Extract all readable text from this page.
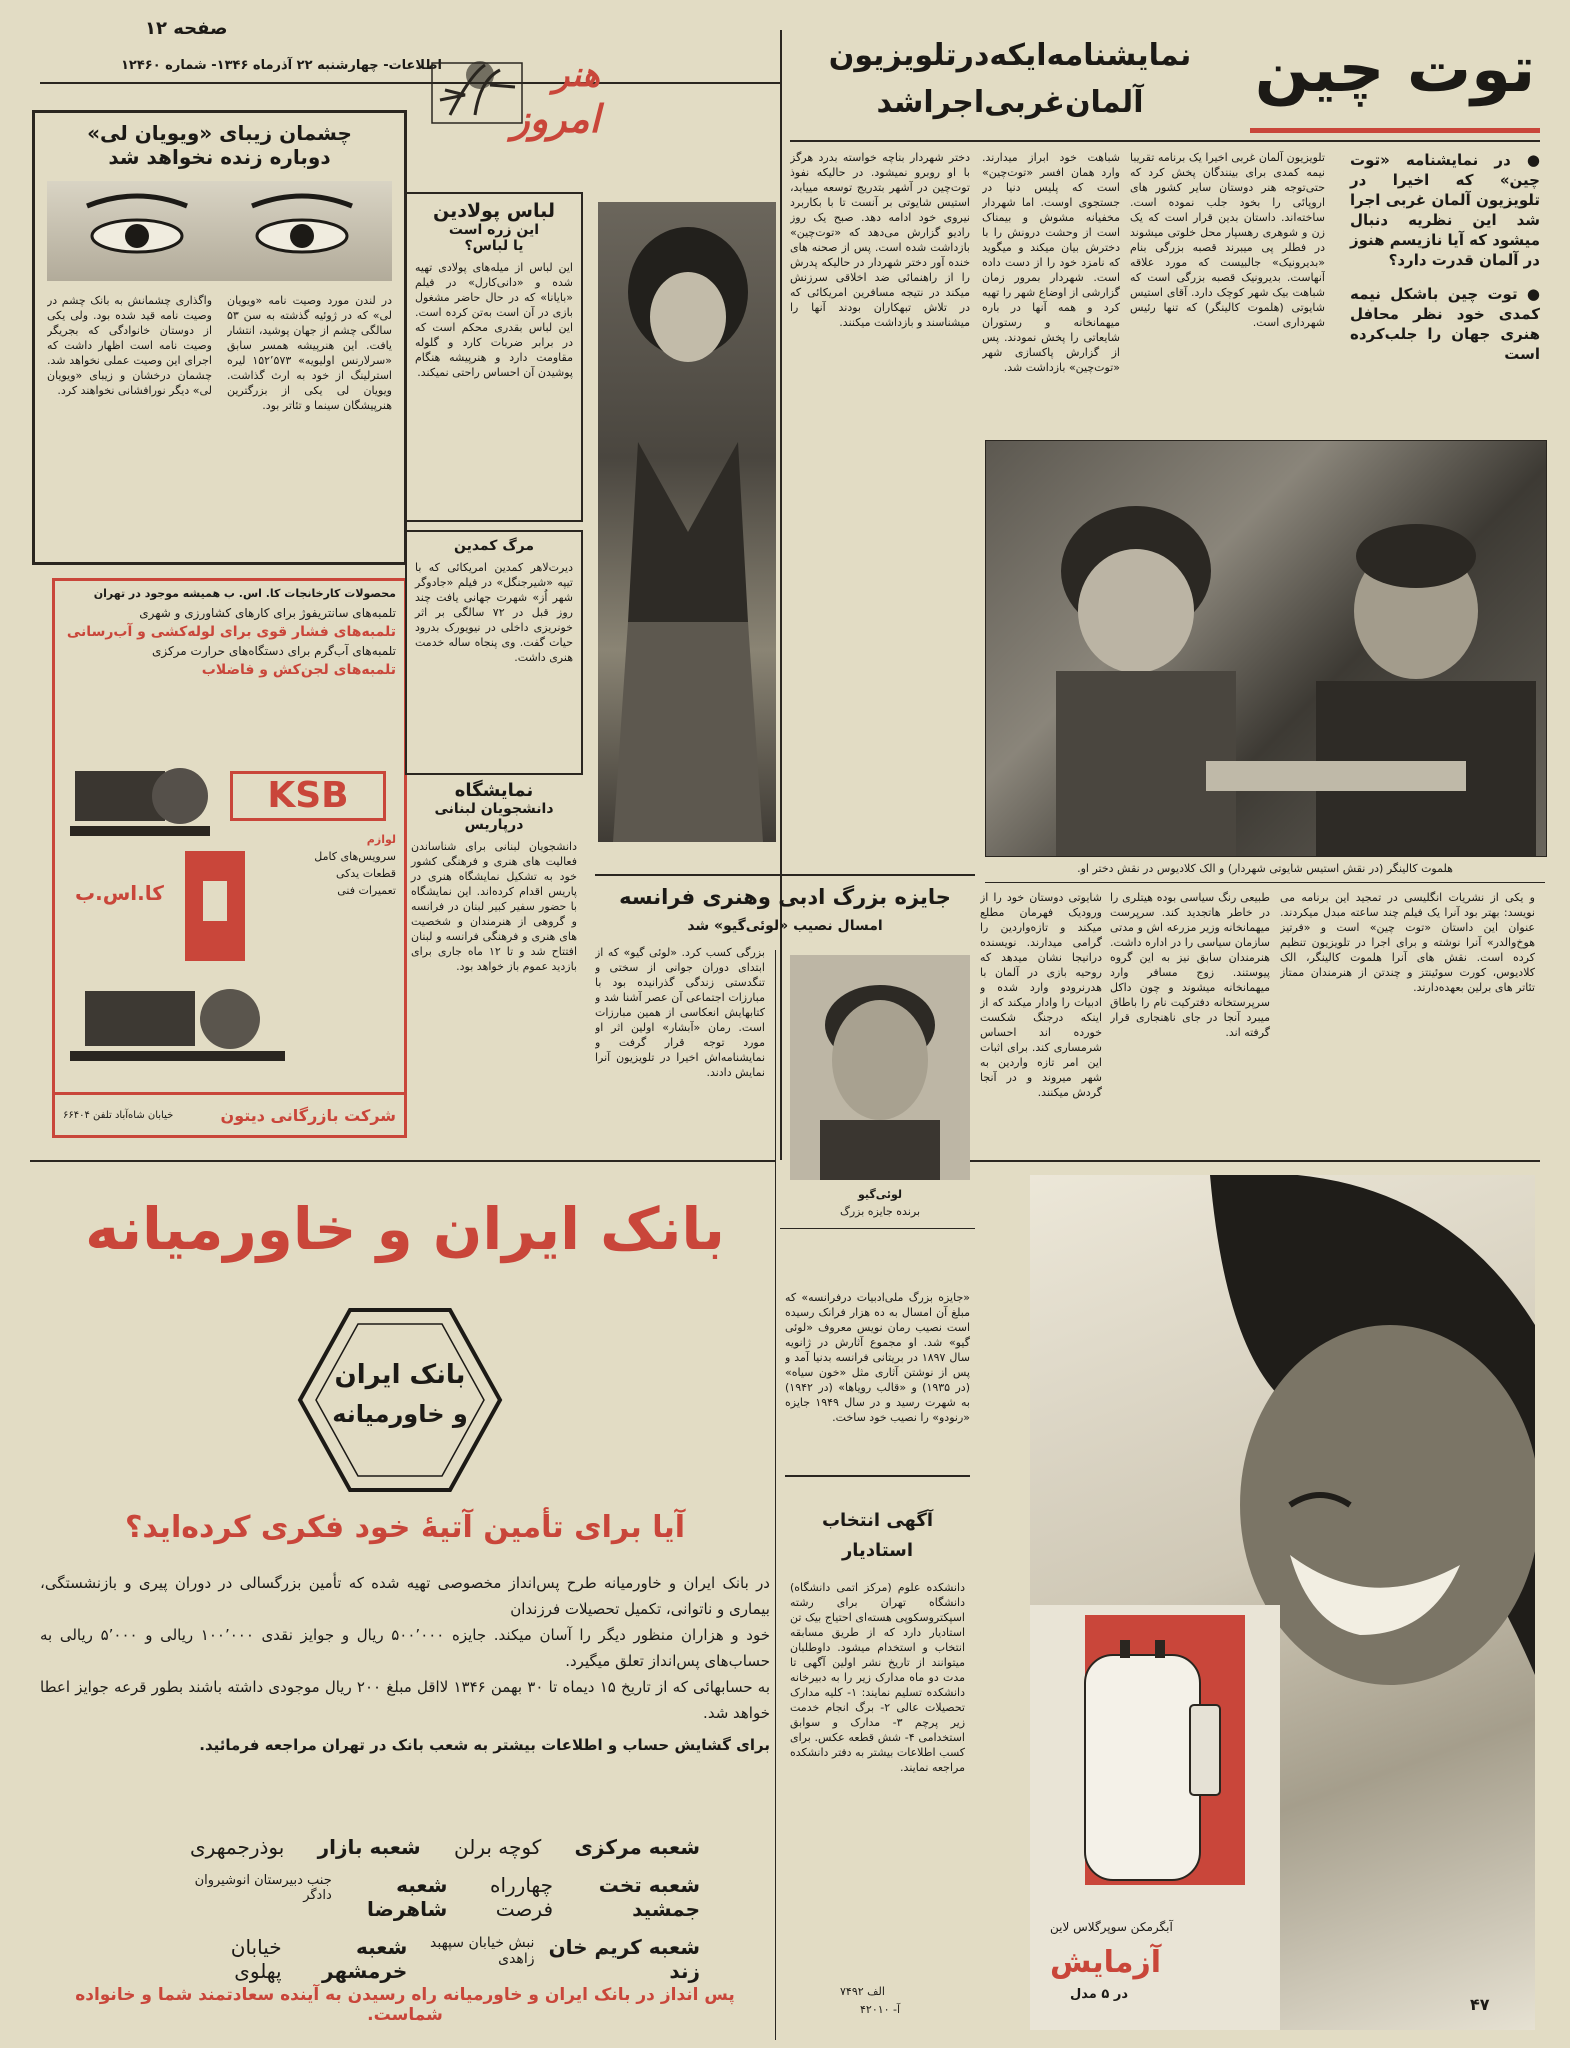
صفحه ۱۲
اطلاعات- چهارشنبه ۲۲ آذرماه ۱۳۴۶- شماره ۱۲۴۶۰	هنر
امروز
توت چین
نمایشنامه‌ایکه‌در‌تلویزیون
آلمان‌غربی‌اجرا‌شد
● در نمایشنامه «توت چین» که اخیرا در تلویزیون آلمان غربی اجرا شد این نظریه دنبال میشود که‌ آیا نازیسم هنوز در آلمان قدرت دارد؟
● توت چین باشکل نیمه کمدی خود نظر محافل هنری جهان را جلب‌کرده است
تلویزیون آلمان غربی اخیرا یک برنامه تقریبا نیمه کمدی برای بینندگان پخش کرد که حتی‌توجه هنر دوستان سایر کشور های اروپائی را بخود جلب نموده است. ساخته‌اند. داستان بدین قرار است که یک زن و شوهری رهسپار محل خلوتی میشوند در فطلر پی میبرند قصبه بزرگی بنام «بدیرونیک» جالبیست که مورد علاقه آنهاست. بدیرونیک قصبه بزرگی است که شباهت بیک شهر کوچک دارد. آقای استیس شایوتی (هلموت کالینگر) که تنها رئیس شهرداری است.
شباهت خود ابراز میدارند. وارد همان افسر «توت‌چین» است که پلیس دنیا در جستجوی اوست. اما شهردار مخفیانه مشوش و بیمناک است از وحشت درونش را با دخترش بیان میکند و میگوید که نامزد خود را از دست داده است. شهردار بمرور زمان گزارشی از اوضاع شهر را تهیه کرد و همه آنها در باره میهمانخانه و رستوران شایعاتی را پخش نمودند. پس از گزارش پاکسازی شهر «توت‌چین» بازداشت شد.
دختر شهردار بناچه خواسته بدرد هرگز با او روبرو نمیشود. در حالیکه نفوذ توت‌چین در آشهر بتدریج توسعه مییابد، استیس شایوتی بر آنست تا با بکاربرد نیروی خود ادامه دهد. صبح یک روز رادیو گزارش می‌دهد که «توت‌چین» بازداشت شده است. پس از صحنه های خنده آور دختر شهردار در حالیکه پدرش را از راهنمائی ضد اخلاقی سرزنش میکند در نتیجه مسافرین امریکائی که در تلاش تبهکاران بودند آنها را میشناسند و بازداشت میکنند.
هلموت کالینگر (در نقش استیس شایوتی شهردار) و الک کلادیوس در نقش دختر او.
و یکی از نشریات انگلیسی در تمجید این برنامه می نویسد: بهتر بود آنرا یک فیلم چند ساعته‌ مبدل میکردند. عنوان این داستان «توت چین» است و «فرتیز هوخ‌والدر» آنرا نوشته و برای اجرا در تلویزیون تنظیم کرده است. نقش های آنرا هلموت کالینگر، الک کلادیوس، کورت سوئینتز و چندتن از هنرمندان ممتاز تئاتر های برلین بعهده‌دارند.
طبیعی رنگ سیاسی بوده هیتلری را در خاطر هاتجدید کند. سرپرست میهمانخانه‌ وزیر مزرعه اش و مدتی سازمان سیاسی را در اداره داشت. هنرمندان سابق نیز به این گروه پیوستند. زوج مسافر وارد میهمانخانه میشوند و چون داکل سرپرستخانه دفترکیت نام را باطاق میبرد آنجا در جای ناهنجاری قرار گرفته اند.
شایوتی دوستان خود را از ورودیک فهرمان مطلع میکند و تازه‌واردین را گرامی میدارند. نویسنده درانیجا نشان میدهد که روحیه بازی در آلمان با هدرنرودو وارد شده و ادبیات را وادار میکند که از اینکه درجنگ شکست خورده اند احساس شرمساری کند. برای اثبات این امر تازه واردین به شهر میروند و در آنجا گردش میکنند.
چشمان زیبای «ویویان لی»
دوباره زنده نخواهد شد
در لندن مورد وصیت نامه «ویویان لی» که در ژوئیه گذشته به سن ۵۳ سالگی چشم از جهان پوشید، انتشار یافت. این هنرپیشه همسر سابق «سرلارنس اولیویه» ۱۵۲٬۵۷۳ لیره استرلینگ از خود به‌ ارث گذاشت. ویویان لی یکی از بزرگترین هنرپیشگان سینما و تئاتر بود.
واگذاری چشمانش به بانک چشم در وصیت نامه قید شده بود. ولی یکی از دوستان خانوادگی که بجریگر وصیت نامه است اظهار داشت که اجرای این وصیت عملی نخواهد شد. چشمان درخشان و زیبای «ویویان لی» دیگر نورافشانی نخواهند کرد.
محصولات کارخانجات کا. اس. ب همیشه موجود در تهران
تلمبه‌های سانتریفوژ برای کارهای کشاورزی و شهری
تلمبه‌های فشار قوی برای لوله‌کشی و آب‌رسانی
تلمبه‌های آب‌گرم برای دستگاه‌های حرارت مرکزی
تلمبه‌های لجن‌کش و فاضلاب
KSB
لوازم
سرویس‌های کامل
قطعات یدکی
تعمیرات فنی
کا.اس.ب
شرکت بازرگانی دیتون
خیابان شاه‌آباد تلفن ۶۶۴۰۴
لباس پولادین
این زره است
یا لباس؟
این لباس از میله‌های پولادی تهیه شده و «دانی‌کارل» در فیلم «بایانا» که در حال حاضر مشغول بازی در آن است به‌تن کرده است. این لباس بقدری محکم است که در برابر ضربات کارد و گلوله مقاومت دارد و هنرپیشه هنگام پوشیدن آن احساس راحتی نمیکند.
مرگ کمدین
دیرت‌لاهر کمدین امریکائی که با تیپه «شیرجنگل» در فیلم «جادوگر شهر اُز» شهرت جهانی یافت چند روز قبل در ۷۲ سالگی بر اثر خونریزی داخلی در نیویورک بدرود حیات گفت. وی پنجاه ساله خدمت هنری داشت.
نمایشگاه
دانشجویان لبنانی
درپاریس
دانشجویان لبنانی برای شناساندن فعالیت های هنری و فرهنگی کشور خود به تشکیل نمایشگاه هنری در پاریس اقدام کرده‌اند. این نمایشگاه با حضور سفیر کبیر لبنان در فرانسه و گروهی از هنرمندان و شخصیت های هنری و فرهنگی فرانسه و لبنان افتتاح شد و تا ۱۲ ماه جاری برای بازدید عموم باز خواهد بود.
جایزه بزرگ ادبی وهنری فرانسه
امسال نصیب «لوئی‌گیو» شد
بزرگی کسب کرد. «لوئی گیو» که از ابتدای دوران جوانی از سختی و تنگدستی زندگی گذرانیده بود با مبارزات اجتماعی آن عصر آشنا شد و کتابهایش انعکاسی از همین مبارزات است. رمان «آبشار» اولین اثر او مورد توجه قرار گرفت و نمایشنامه‌اش اخیرا در تلویزیون آنرا نمایش دادند.
لوئی‌گیو
برنده جایزه بزرگ
«جایزه بزرگ ملی‌ادبیات درفرانسه» که مبلغ آن امسال به ده هزار فرانک رسیده است نصیب رمان نویس معروف «لوئی گیو» شد. او مجموع آثارش در ژانویه سال ۱۸۹۷ در بریتانی فرانسه بدنیا آمد و پس از نوشتن آثاری مثل «خون سیاه» (در ۱۹۳۵) و «قالب رویاها» (در ۱۹۴۲) به شهرت رسید و در سال ۱۹۴۹ جایزه «رنودو» را نصیب خود ساخت.
آگهی انتخاب
استادیار
دانشکده علوم (مرکز اتمی دانشگاه) دانشگاه تهران برای رشته اسپکتروسکوپی هسته‌ای احتیاج بیک تن استادیار دارد که از طریق مسابقه انتخاب و استخدام میشود. داوطلبان میتوانند از تاریخ نشر اولین آگهی تا مدت دو ماه مدارک زیر را به دبیرخانه دانشکده تسلیم نمایند: ۱- کلیه مدارک تحصیلات عالی ۲- برگ انجام خدمت زیر پرچم ۳- مدارک و سوابق استخدامی ۴- شش قطعه عکس. برای کسب اطلاعات بیشتر به دفتر دانشکده مراجعه نمایند.
الف ۷۴۹۲
آ- ۴۲۰۱۰
بانک ایران و خاورمیانه
بانک ایران
و خاورمیانه
آیا برای تأمین آتیهٔ خود فکری کرده‌اید؟
در بانک ایران و خاورمیانه طرح پس‌انداز مخصوصی تهیه شده که تأمین بزرگسالی در دوران پیری و بازنشستگی، بیماری و ناتوانی، تکمیل تحصیلات فرزندان
خود و هزاران منظور دیگر را آسان میکند. جایزه ۵۰۰٬۰۰۰ ریال و جوایز نقدی ۱۰۰٬۰۰۰ ریالی و ۵٬۰۰۰ ریالی به حساب‌های پس‌انداز تعلق میگیرد.
به حسابهائی که از تاریخ ۱۵ دیماه تا ۳۰ بهمن ۱۳۴۶ لااقل مبلغ ۲۰۰ ریال موجودی داشته باشند بطور قرعه جوایز اعطا خواهد شد.
برای گشایش حساب و اطلاعات بیشتر به شعب بانک در تهران مراجعه فرمائید.
شعبه مرکزی
کوچه برلن
شعبه بازار
بوذرجمهری
شعبه تخت جمشید
چهارراه فرصت
شعبه شاهرضا
جنب دبیرستان انوشیروان دادگر
شعبه کریم خان زند
نبش خیابان سپهبد زاهدی
شعبه خرمشهر
خیابان پهلوی
پس انداز در بانک ایران و خاورمیانه راه رسیدن به آینده سعادتمند شما و خانواده شماست.
آبگرمکن سوپرگلاس لاین
آزمایش
در ۵ مدل
۴۷
